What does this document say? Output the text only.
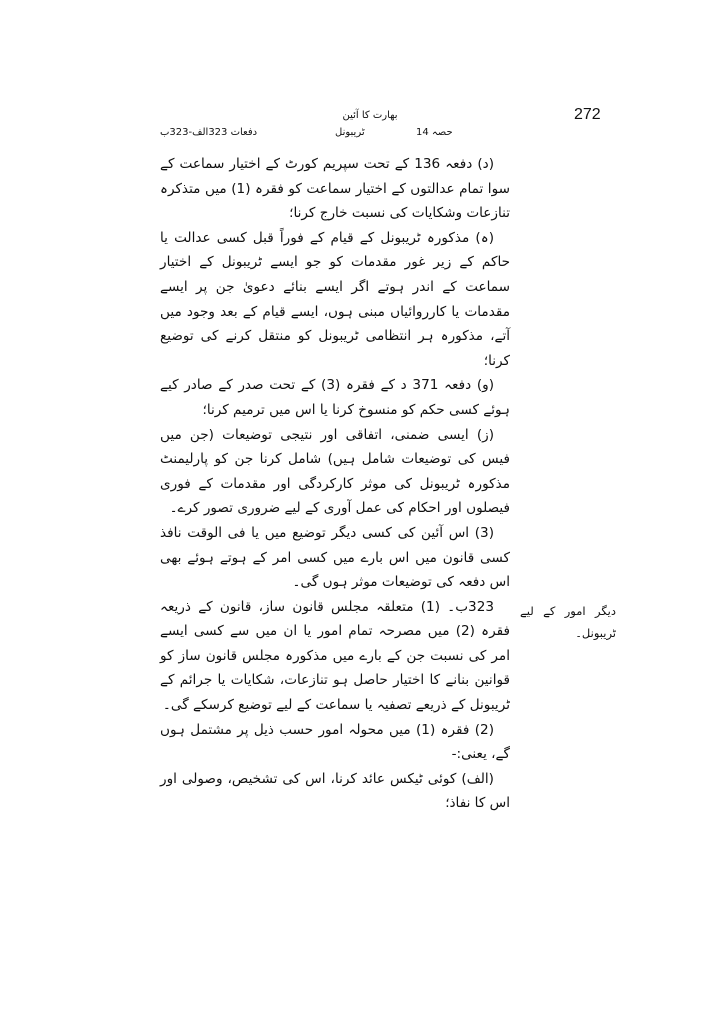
272
بھارت کا آئین
حصہ 14
ٹریبونل
دفعات 323الف-323ب

(د) دفعہ 136 کے تحت سپریم کورٹ کے اختیار سماعت کے سوا تمام عدالتوں کے اختیار سماعت کو فقرہ (1) میں متذکرہ تنازعات وشکایات کی نسبت خارج کرنا؛

(ہ) مذکورہ ٹریبونل کے قیام کے فوراً قبل کسی عدالت یا حاکم کے زیر غور مقدمات کو جو ایسے ٹریبونل کے اختیار سماعت کے اندر ہوتے اگر ایسے بنائے دعویٰ جن پر ایسے مقدمات یا کارروائیاں مبنی ہوں، ایسے قیام کے بعد وجود میں آتے، مذکورہ ہر انتظامی ٹریبونل کو منتقل کرنے کی توضیع کرنا؛

(و) دفعہ 371 د کے فقرہ (3) کے تحت صدر کے صادر کیے ہوئے کسی حکم کو منسوخ کرنا یا اس میں ترمیم کرنا؛

(ز) ایسی ضمنی، اتفاقی اور نتیجی توضیعات (جن میں فیس کی توضیعات شامل ہیں) شامل کرنا جن کو پارلیمنٹ مذکورہ ٹریبونل کی موثر کارکردگی اور مقدمات کے فوری فیصلوں اور احکام کی عمل آوری کے لیے ضروری تصور کرے۔

(3) اس آئین کی کسی دیگر توضیع میں یا فی الوقت نافذ کسی قانون میں اس بارے میں کسی امر کے ہوتے ہوئے بھی اس دفعہ کی توضیعات موثر ہوں گی۔

323ب۔ (1) متعلقہ مجلس قانون ساز، قانون کے ذریعہ فقرہ (2) میں مصرحہ تمام امور یا ان میں سے کسی ایسے امر کی نسبت جن کے بارے میں مذکورہ مجلس قانون ساز کو قوانین بنانے کا اختیار حاصل ہو تنازعات، شکایات یا جرائم کے ٹریبونل کے ذریعے تصفیہ یا سماعت کے لیے توضیع کرسکے گی۔

(2) فقرہ (1) میں محولہ امور حسب ذیل پر مشتمل ہوں گے، یعنی:-

(الف) کوئی ٹیکس عائد کرنا، اس کی تشخیص، وصولی اور اس کا نفاذ؛

دیگر امور کے لیے ٹریبونل۔
